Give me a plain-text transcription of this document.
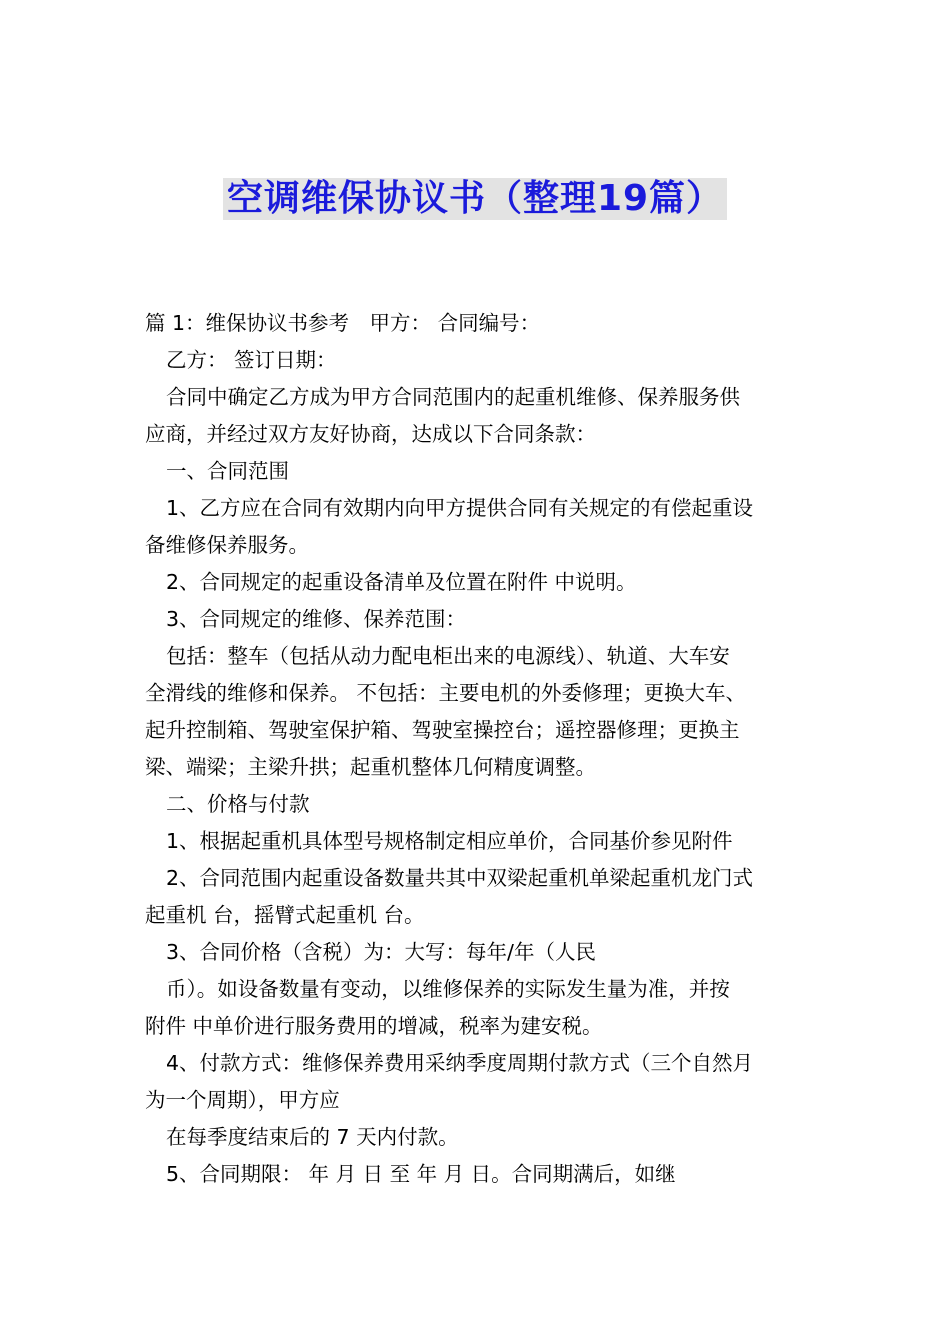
空调维保协议书（整理19篇）

篇 1：维保协议书参考　甲方： 合同编号：

乙方： 签订日期：

合同中确定乙方成为甲方合同范围内的起重机维修、保养服务供

应商，并经过双方友好协商，达成以下合同条款：

一、合同范围

1、乙方应在合同有效期内向甲方提供合同有关规定的有偿起重设

备维修保养服务。

2、合同规定的起重设备清单及位置在附件 中说明。

3、合同规定的维修、保养范围：

包括：整车（包括从动力配电柜出来的电源线）、轨道、大车安

全滑线的维修和保养。 不包括：主要电机的外委修理；更换大车、

起升控制箱、驾驶室保护箱、驾驶室操控台；遥控器修理；更换主

梁、端梁；主梁升拱；起重机整体几何精度调整。

二、价格与付款

1、根据起重机具体型号规格制定相应单价，合同基价参见附件

2、合同范围内起重设备数量共其中双梁起重机单梁起重机龙门式

起重机 台，摇臂式起重机 台。

3、合同价格（含税）为：大写：每年/年（人民

币）。如设备数量有变动，以维修保养的实际发生量为准，并按

附件 中单价进行服务费用的增减，税率为建安税。

4、付款方式：维修保养费用采纳季度周期付款方式（三个自然月

为一个周期），甲方应

在每季度结束后的 7 天内付款。

5、合同期限： 年 月 日 至 年 月 日。合同期满后，如继
